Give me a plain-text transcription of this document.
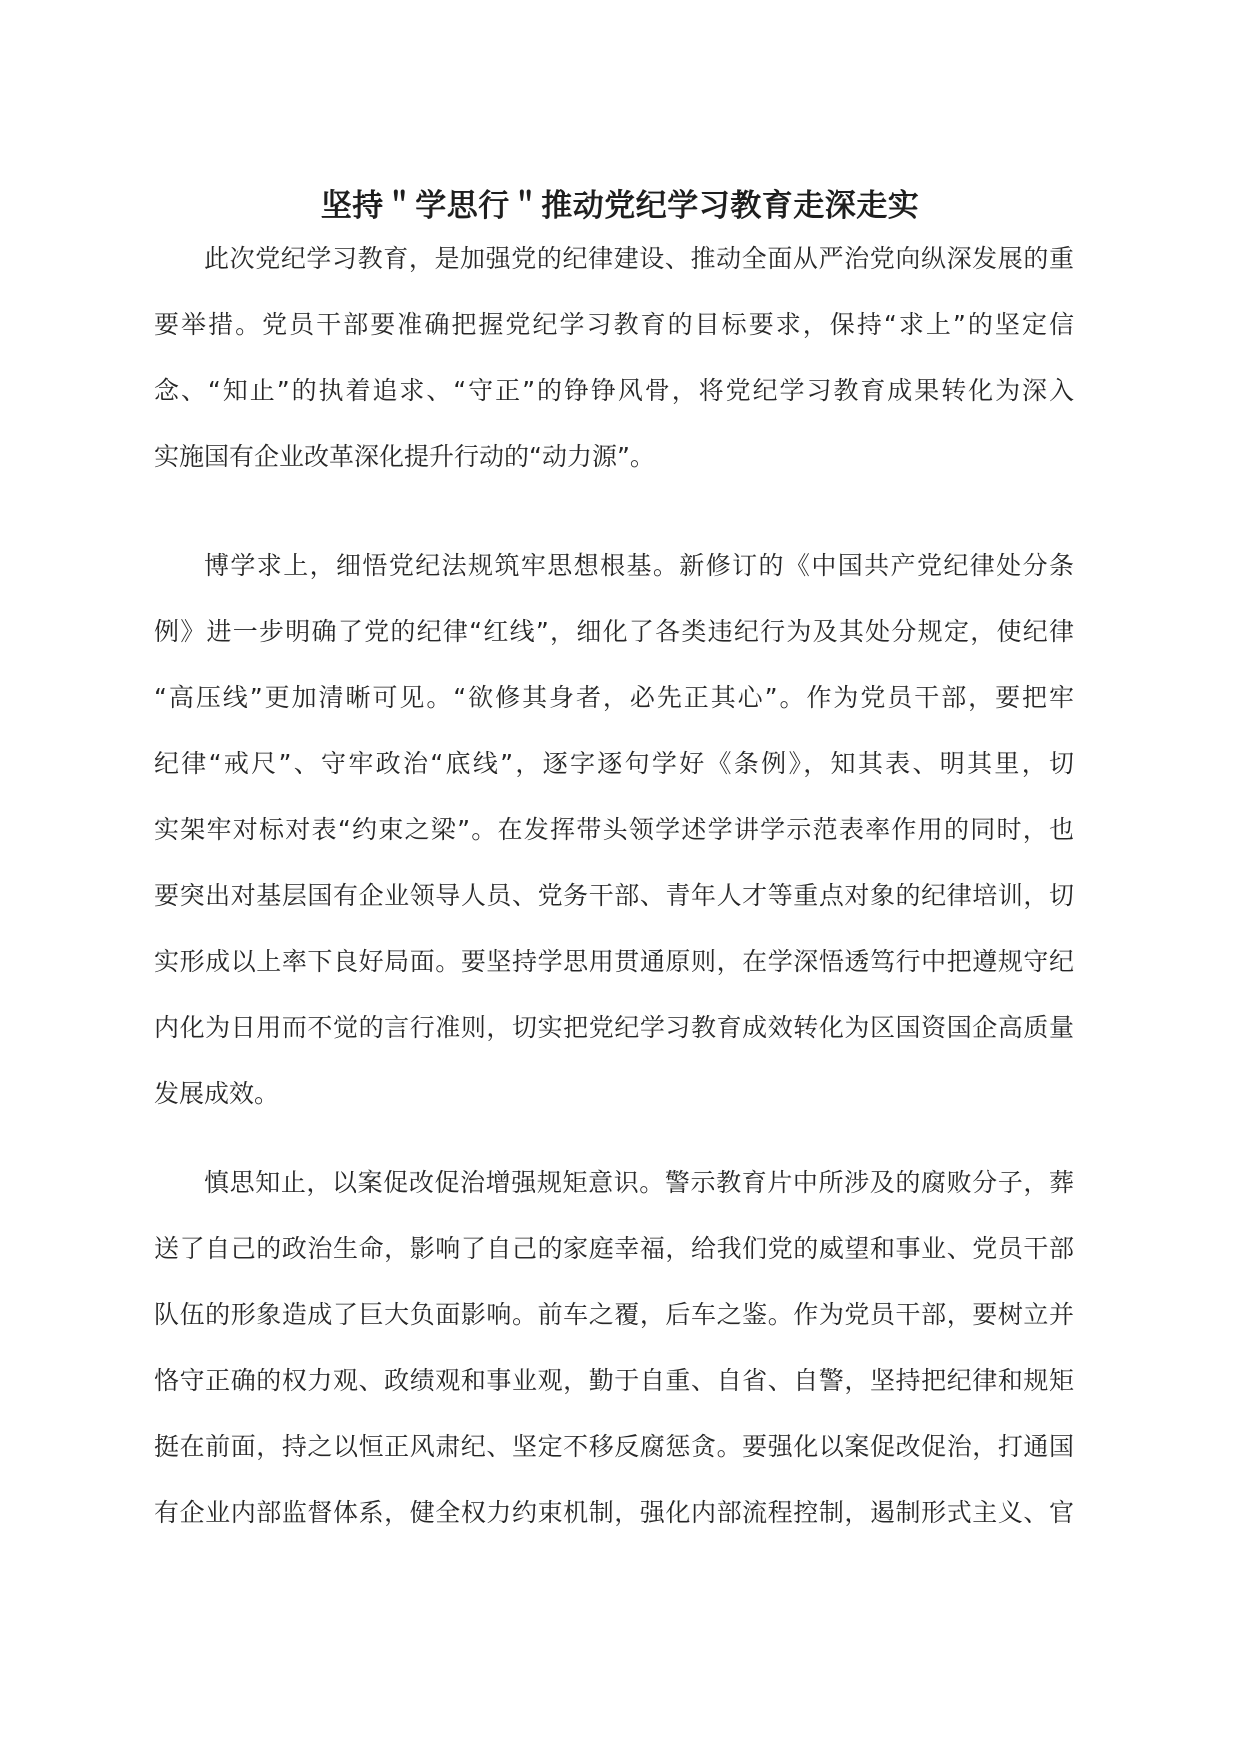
坚持＂学思行＂推动党纪学习教育走深走实
此次党纪学习教育，是加强党的纪律建设、推动全面从严治党向纵深发展的重
要举措。党员干部要准确把握党纪学习教育的目标要求，保持“求上”的坚定信
念、“知止”的执着追求、“守正”的铮铮风骨，将党纪学习教育成果转化为深入
实施国有企业改革深化提升行动的“动力源”。
博学求上，细悟党纪法规筑牢思想根基。新修订的《中国共产党纪律处分条
例》进一步明确了党的纪律“红线”，细化了各类违纪行为及其处分规定，使纪律
“高压线”更加清晰可见。“欲修其身者，必先正其心”。作为党员干部，要把牢
纪律“戒尺”、守牢政治“底线”，逐字逐句学好《条例》，知其表、明其里，切
实架牢对标对表“约束之梁”。在发挥带头领学述学讲学示范表率作用的同时，也
要突出对基层国有企业领导人员、党务干部、青年人才等重点对象的纪律培训，切
实形成以上率下良好局面。要坚持学思用贯通原则，在学深悟透笃行中把遵规守纪
内化为日用而不觉的言行准则，切实把党纪学习教育成效转化为区国资国企高质量
发展成效。
慎思知止，以案促改促治增强规矩意识。警示教育片中所涉及的腐败分子，葬
送了自己的政治生命，影响了自己的家庭幸福，给我们党的威望和事业、党员干部
队伍的形象造成了巨大负面影响。前车之覆，后车之鉴。作为党员干部，要树立并
恪守正确的权力观、政绩观和事业观，勤于自重、自省、自警，坚持把纪律和规矩
挺在前面，持之以恒正风肃纪、坚定不移反腐惩贪。要强化以案促改促治，打通国
有企业内部监督体系，健全权力约束机制，强化内部流程控制，遏制形式主义、官
